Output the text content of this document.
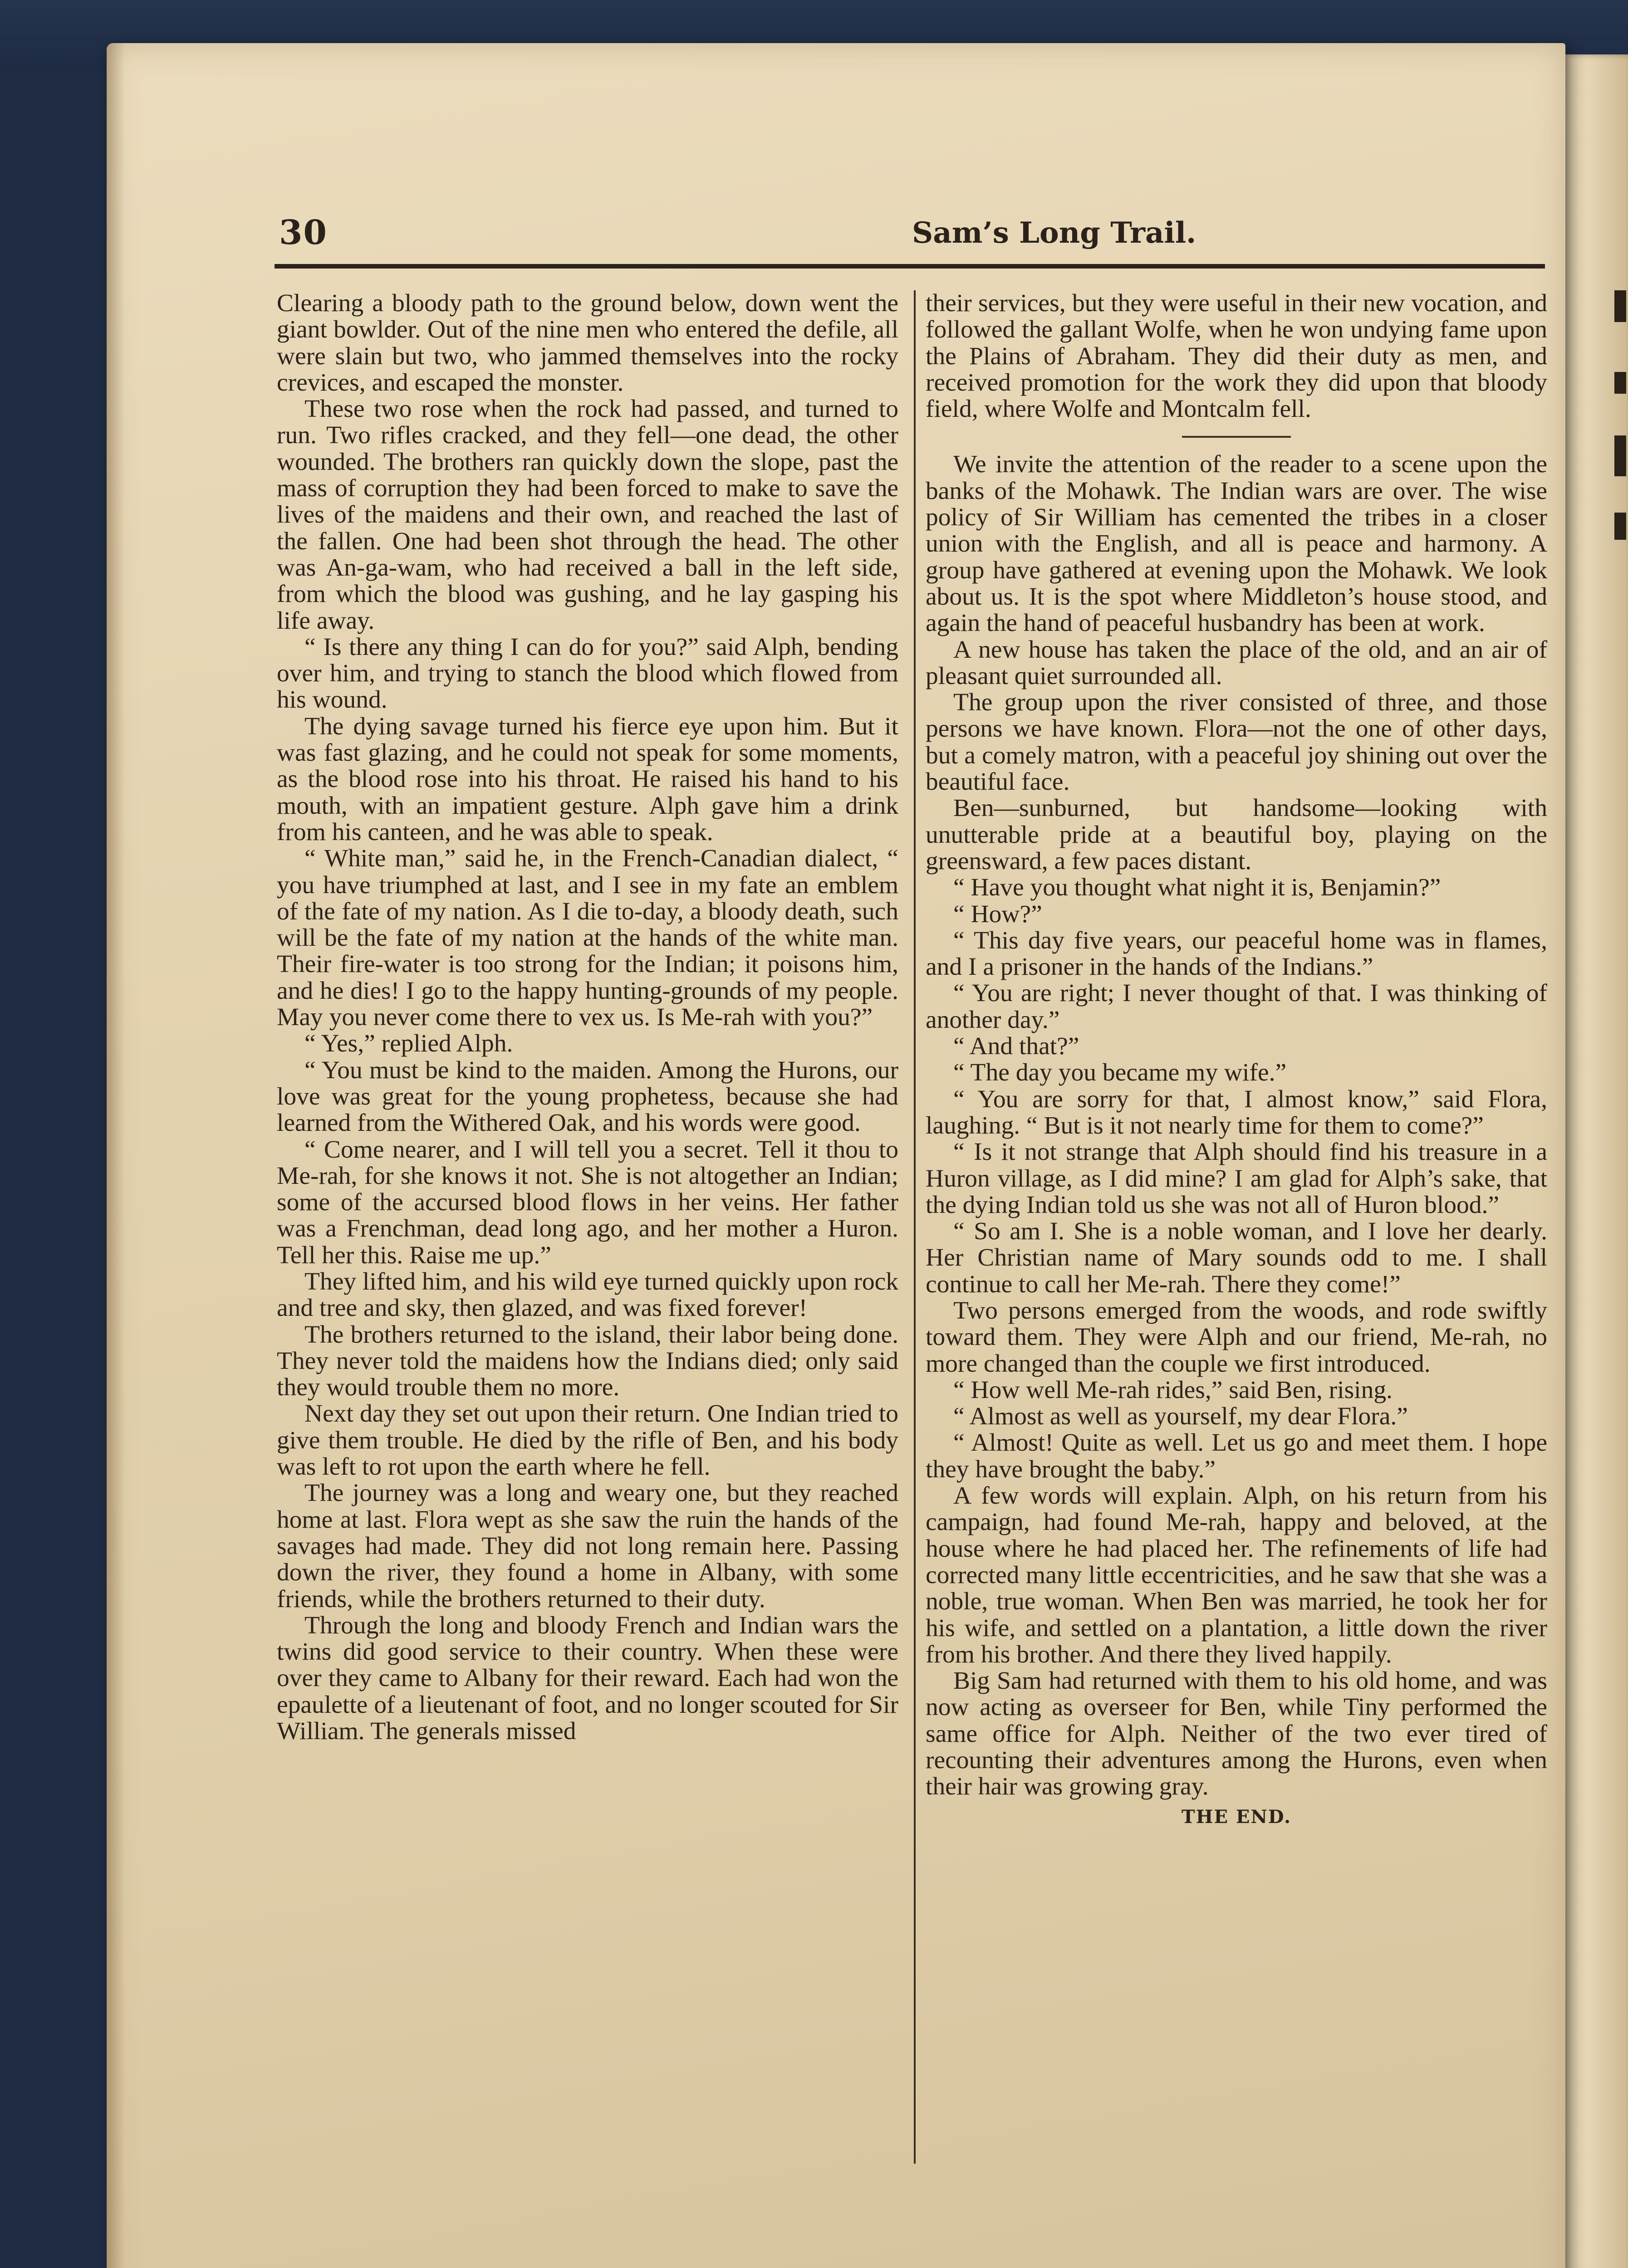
30	Sam’s Long Trail.

Clearing a bloody path to the ground below, down went the giant bowlder. Out of the nine men who entered the defile, all were slain but two, who jammed themselves into the rocky crevices, and escaped the monster.

These two rose when the rock had passed, and turned to run. Two rifles cracked, and they fell—one dead, the other wounded. The brothers ran quickly down the slope, past the mass of corruption they had been forced to make to save the lives of the maidens and their own, and reached the last of the fallen. One had been shot through the head. The other was An-ga-wam, who had received a ball in the left side, from which the blood was gushing, and he lay gasping his life away.

“ Is there any thing I can do for you?” said Alph, bending over him, and trying to stanch the blood which flowed from his wound.

The dying savage turned his fierce eye upon him. But it was fast glazing, and he could not speak for some moments, as the blood rose into his throat. He raised his hand to his mouth, with an impatient gesture. Alph gave him a drink from his canteen, and he was able to speak.

“ White man,” said he, in the French-Canadian dialect, “ you have triumphed at last, and I see in my fate an emblem of the fate of my nation. As I die to-day, a bloody death, such will be the fate of my nation at the hands of the white man. Their fire-water is too strong for the Indian; it poisons him, and he dies! I go to the happy hunting-grounds of my people. May you never come there to vex us. Is Me-rah with you?”

“ Yes,” replied Alph.

“ You must be kind to the maiden. Among the Hurons, our love was great for the young prophetess, because she had learned from the Withered Oak, and his words were good.

“ Come nearer, and I will tell you a secret. Tell it thou to Me-rah, for she knows it not. She is not altogether an Indian; some of the accursed blood flows in her veins. Her father was a Frenchman, dead long ago, and her mother a Huron. Tell her this. Raise me up.”

They lifted him, and his wild eye turned quickly upon rock and tree and sky, then glazed, and was fixed forever!

The brothers returned to the island, their labor being done. They never told the maidens how the Indians died; only said they would trouble them no more.

Next day they set out upon their return. One Indian tried to give them trouble. He died by the rifle of Ben, and his body was left to rot upon the earth where he fell.

The journey was a long and weary one, but they reached home at last. Flora wept as she saw the ruin the hands of the savages had made. They did not long remain here. Passing down the river, they found a home in Albany, with some friends, while the brothers returned to their duty.

Through the long and bloody French and Indian wars the twins did good service to their country. When these were over they came to Albany for their reward. Each had won the epaulette of a lieutenant of foot, and no longer scouted for Sir William. The generals missed

their services, but they were useful in their new vocation, and followed the gallant Wolfe, when he won undying fame upon the Plains of Abraham. They did their duty as men, and received promotion for the work they did upon that bloody field, where Wolfe and Montcalm fell.

We invite the attention of the reader to a scene upon the banks of the Mohawk. The Indian wars are over. The wise policy of Sir William has cemented the tribes in a closer union with the English, and all is peace and harmony. A group have gathered at evening upon the Mohawk. We look about us. It is the spot where Middleton’s house stood, and again the hand of peaceful husbandry has been at work.

A new house has taken the place of the old, and an air of pleasant quiet surrounded all.

The group upon the river consisted of three, and those persons we have known. Flora—not the one of other days, but a comely matron, with a peaceful joy shining out over the beautiful face.

Ben—sunburned, but handsome—looking with unutterable pride at a beautiful boy, playing on the greensward, a few paces distant.

“ Have you thought what night it is, Benjamin?”

“ How?”

“ This day five years, our peaceful home was in flames, and I a prisoner in the hands of the Indians.”

“ You are right; I never thought of that. I was thinking of another day.”

“ And that?”

“ The day you became my wife.”

“ You are sorry for that, I almost know,” said Flora, laughing. “ But is it not nearly time for them to come?”

“ Is it not strange that Alph should find his treasure in a Huron village, as I did mine? I am glad for Alph’s sake, that the dying Indian told us she was not all of Huron blood.”

“ So am I. She is a noble woman, and I love her dearly. Her Christian name of Mary sounds odd to me. I shall continue to call her Me-rah. There they come!”

Two persons emerged from the woods, and rode swiftly toward them. They were Alph and our friend, Me-rah, no more changed than the couple we first introduced.

“ How well Me-rah rides,” said Ben, rising.

“ Almost as well as yourself, my dear Flora.”

“ Almost! Quite as well. Let us go and meet them. I hope they have brought the baby.”

A few words will explain. Alph, on his return from his campaign, had found Me-rah, happy and beloved, at the house where he had placed her. The refinements of life had corrected many little eccentricities, and he saw that she was a noble, true woman. When Ben was married, he took her for his wife, and settled on a plantation, a little down the river from his brother. And there they lived happily.

Big Sam had returned with them to his old home, and was now acting as overseer for Ben, while Tiny performed the same office for Alph. Neither of the two ever tired of recounting their adventures among the Hurons, even when their hair was growing gray.

THE END.
